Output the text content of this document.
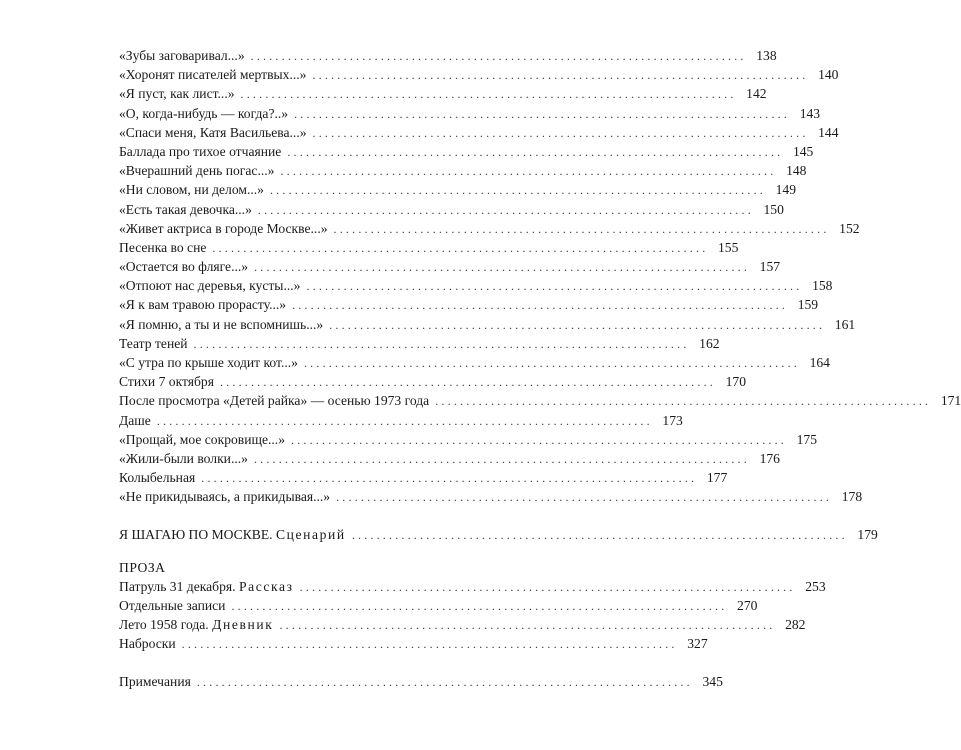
«Зубы заговаривал...» ................................................................................ 138
«Хоронят писателей мертвых...» ................................................................................ 140
«Я пуст, как лист...» ................................................................................ 142
«О, когда-нибудь — когда?..» ................................................................................ 143
«Спаси меня, Катя Васильева...» ................................................................................ 144
Баллада про тихое отчаяние ................................................................................ 145
«Вчерашний день погас...» ................................................................................ 148
«Ни словом, ни делом...» ................................................................................ 149
«Есть такая девочка...» ................................................................................ 150
«Живет актриса в городе Москве...» ................................................................................ 152
Песенка во сне ................................................................................ 155
«Остается во фляге...» ................................................................................ 157
«Отпоют нас деревья, кусты...» ................................................................................ 158
«Я к вам травою прорасту...» ................................................................................ 159
«Я помню, а ты и не вспомнишь...» ................................................................................ 161
Театр теней ................................................................................ 162
«С утра по крыше ходит кот...» ................................................................................ 164
Стихи 7 октября ................................................................................ 170
После просмотра «Детей райка» — осенью 1973 года ................................................................................ 171
Даше ................................................................................ 173
«Прощай, мое сокровище...» ................................................................................ 175
«Жили-были волки...» ................................................................................ 176
Колыбельная ................................................................................ 177
«Не прикидываясь, а прикидывая...» ................................................................................ 178
Я ШАГАЮ ПО МОСКВЕ. Сценарий ................................................................................ 179
ПРОЗА
Патруль 31 декабря. Рассказ ................................................................................ 253
Отдельные записи ................................................................................ 270
Лето 1958 года. Дневник ................................................................................ 282
Наброски ................................................................................ 327
Примечания ................................................................................ 345
